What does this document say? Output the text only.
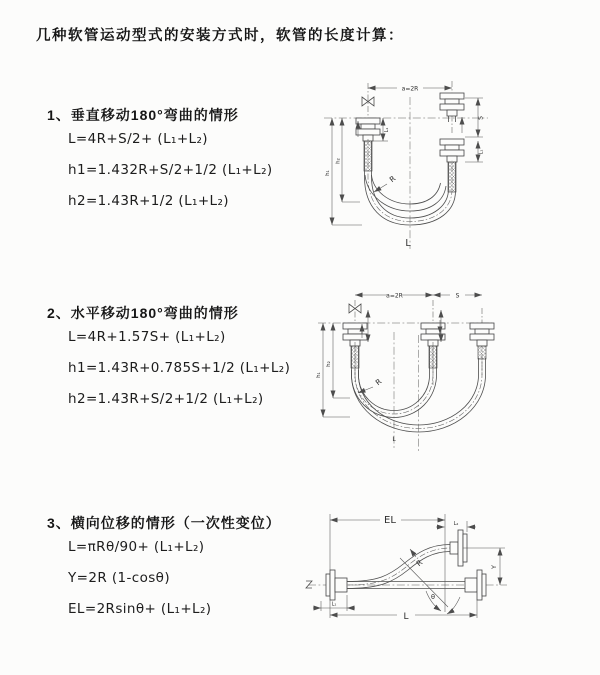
几种软管运动型式的安装方式时，软管的长度计算：
1、垂直移动180°弯曲的情形
L=4R+S/2+ (L₁+L₂)
h1=1.432R+S/2+1/2 (L₁+L₂)
h2=1.43R+1/2 (L₁+L₂)
2、水平移动180°弯曲的情形
L=4R+1.57S+ (L₁+L₂)
h1=1.43R+0.785S+1/2 (L₁+L₂)
h2=1.43R+S/2+1/2 (L₁+L₂)
3、横向位移的情形（一次性变位）
L=πRθ/90+ (L₁+L₂)
Y=2R (1-cosθ)
EL=2Rsinθ+ (L₁+L₂)
a=2R
L₁
S
L₁
h₁
h₂
R
L
a=2R	S
h₁
h₂
R
L
EL	L₂
Y
θ
R
L
L₁
